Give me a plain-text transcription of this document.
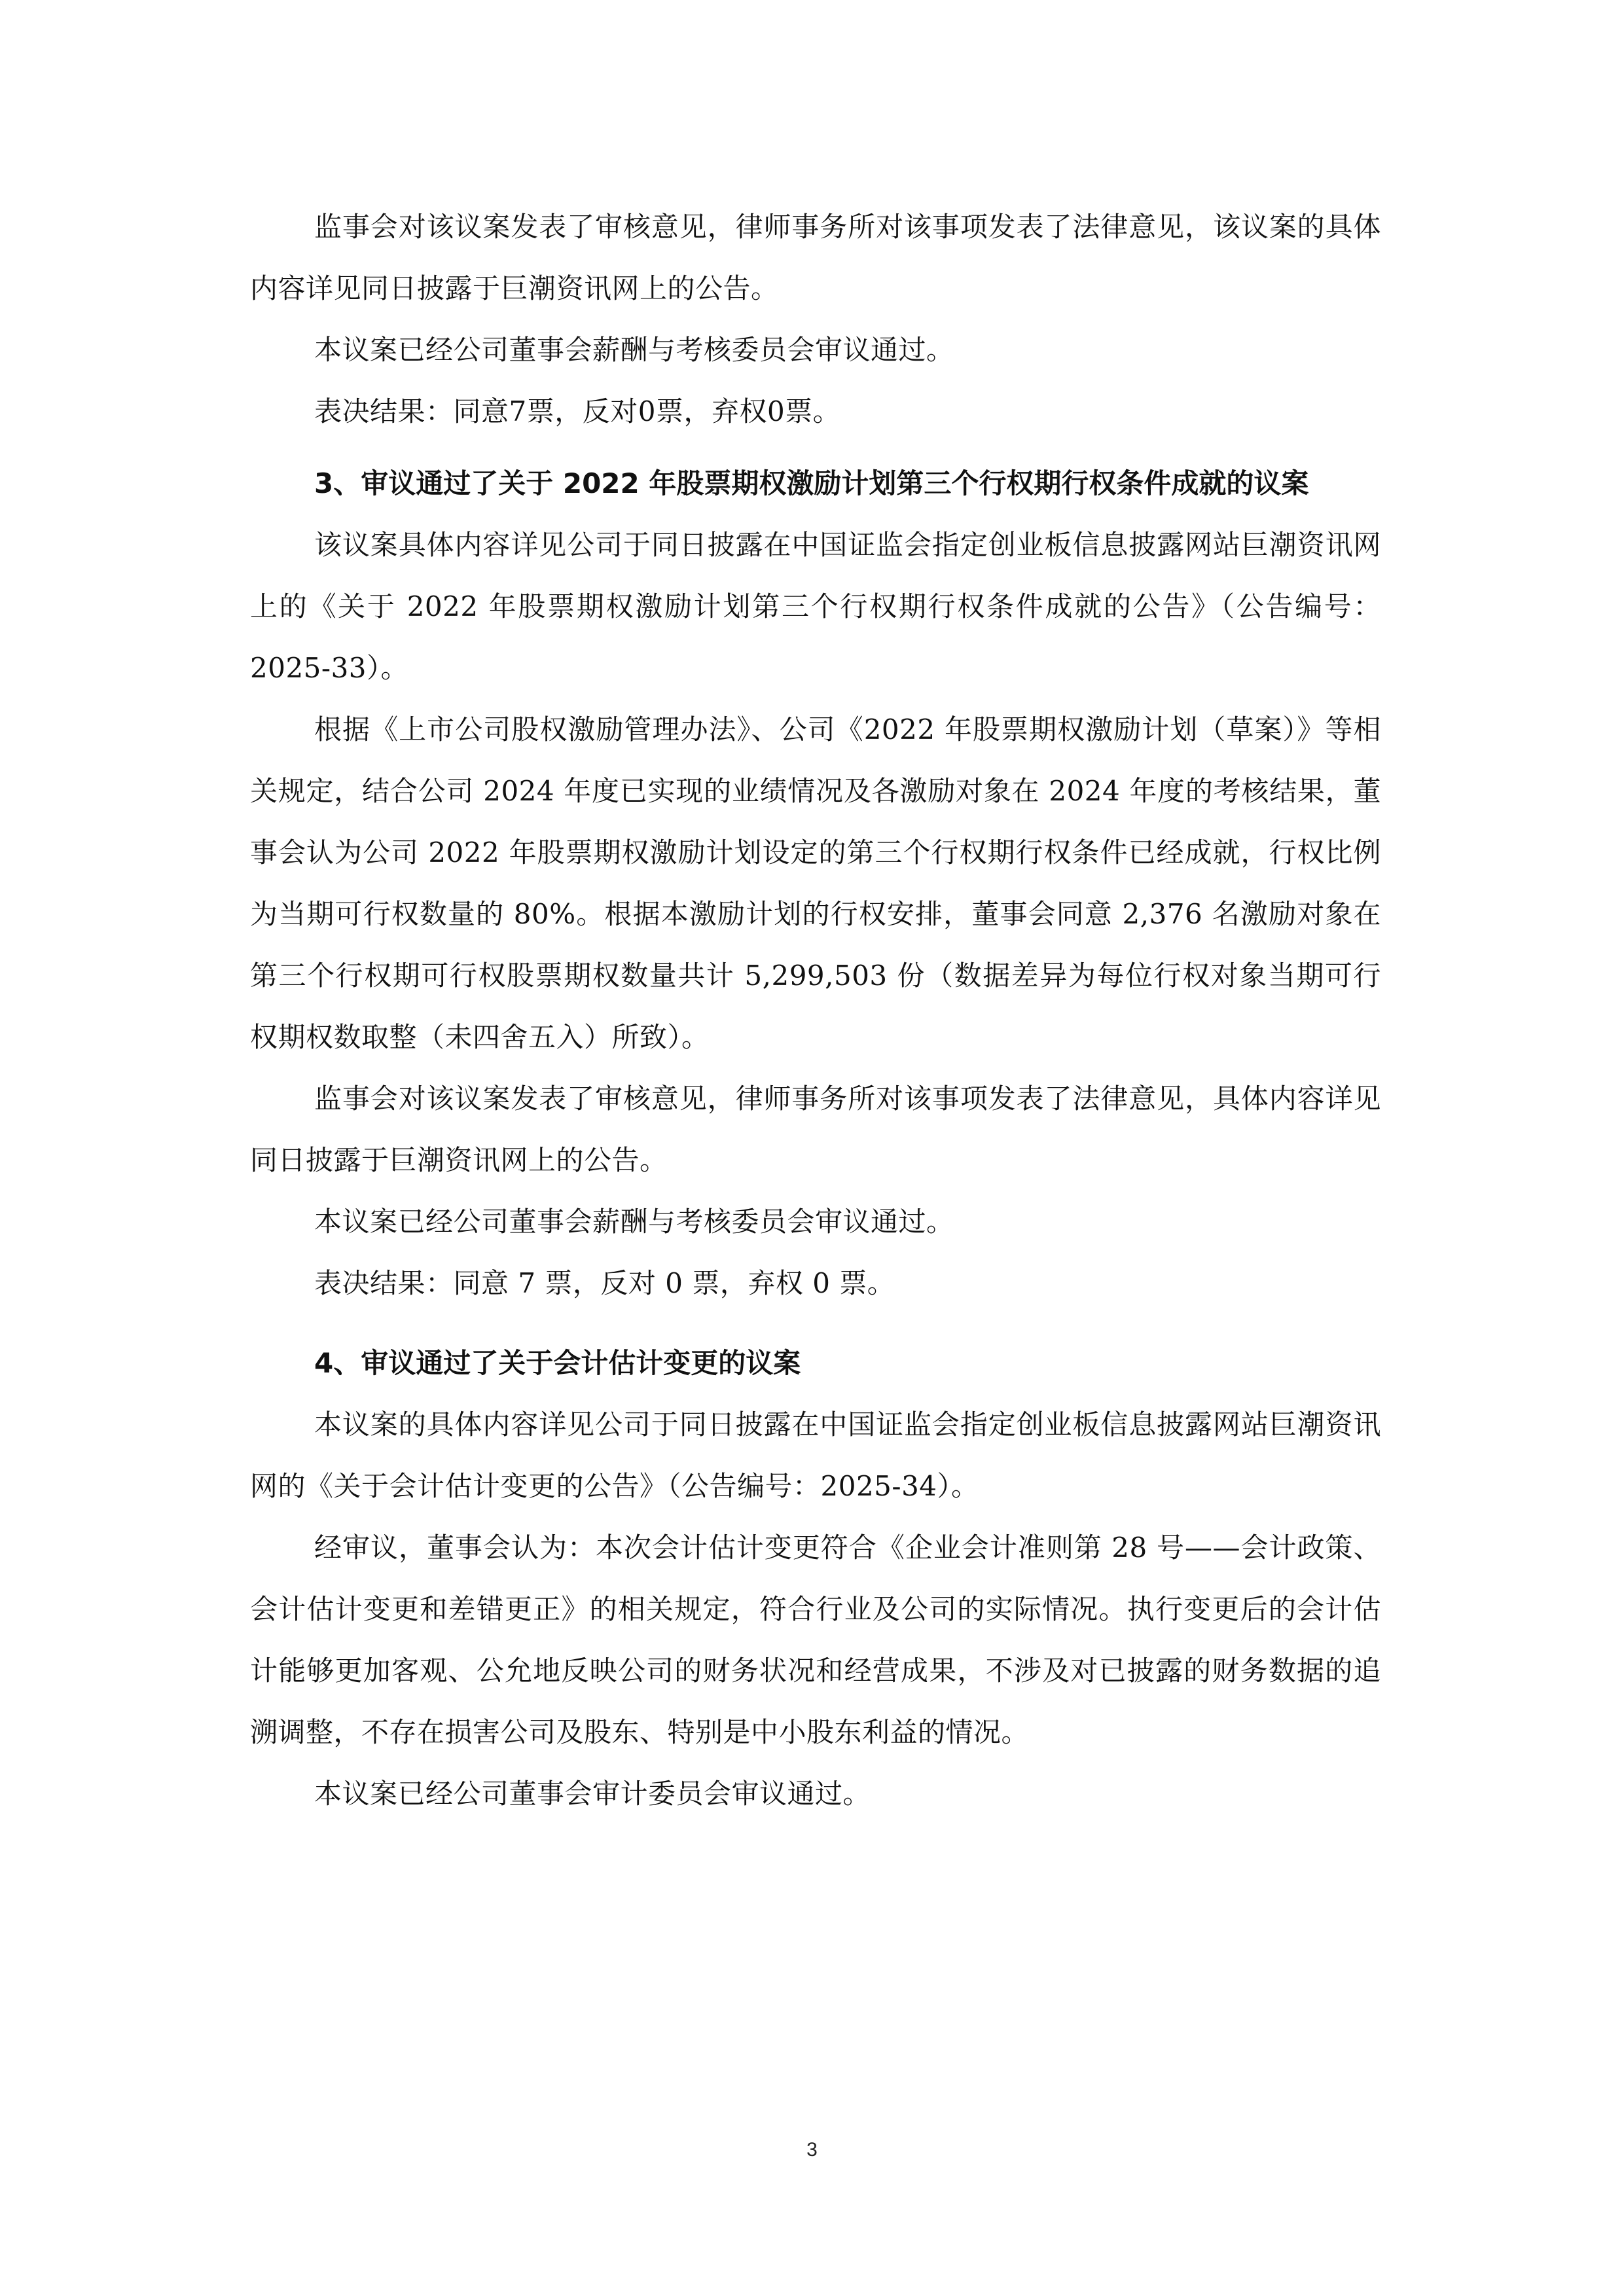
监事会对该议案发表了审核意见，律师事务所对该事项发表了法律意见，该议案的具体内容详见同日披露于巨潮资讯网上的公告。

本议案已经公司董事会薪酬与考核委员会审议通过。

表决结果：同意7票，反对0票，弃权0票。

3、审议通过了关于 2022 年股票期权激励计划第三个行权期行权条件成就的议案

该议案具体内容详见公司于同日披露在中国证监会指定创业板信息披露网站巨潮资讯网上的《关于 2022 年股票期权激励计划第三个行权期行权条件成就的公告》（公告编号：2025-33）。

根据《上市公司股权激励管理办法》、公司《2022 年股票期权激励计划（草案）》等相关规定，结合公司 2024 年度已实现的业绩情况及各激励对象在 2024 年度的考核结果，董事会认为公司 2022 年股票期权激励计划设定的第三个行权期行权条件已经成就，行权比例为当期可行权数量的 80%。根据本激励计划的行权安排，董事会同意 2,376 名激励对象在第三个行权期可行权股票期权数量共计 5,299,503 份（数据差异为每位行权对象当期可行权期权数取整（未四舍五入）所致）。

监事会对该议案发表了审核意见，律师事务所对该事项发表了法律意见，具体内容详见同日披露于巨潮资讯网上的公告。

本议案已经公司董事会薪酬与考核委员会审议通过。

表决结果：同意 7 票，反对 0 票，弃权 0 票。

4、审议通过了关于会计估计变更的议案

本议案的具体内容详见公司于同日披露在中国证监会指定创业板信息披露网站巨潮资讯网的《关于会计估计变更的公告》（公告编号：2025-34）。

经审议，董事会认为：本次会计估计变更符合《企业会计准则第 28 号——会计政策、会计估计变更和差错更正》的相关规定，符合行业及公司的实际情况。执行变更后的会计估计能够更加客观、公允地反映公司的财务状况和经营成果，不涉及对已披露的财务数据的追溯调整，不存在损害公司及股东、特别是中小股东利益的情况。

本议案已经公司董事会审计委员会审议通过。

3
